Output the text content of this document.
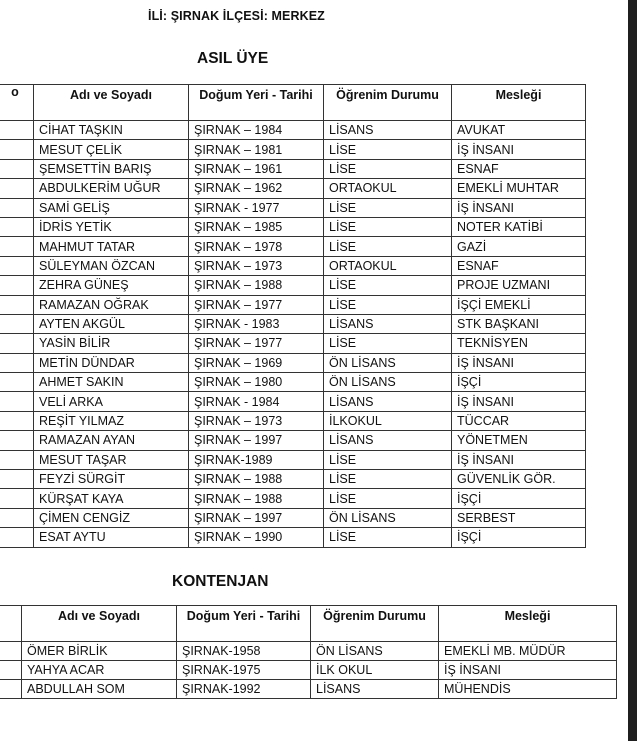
İLİ: ŞIRNAK İLÇESİ: MERKEZ
ASIL ÜYE
o	Adı ve Soyadı	Doğum Yeri - Tarihi	Öğrenim Durumu	Mesleği
	CİHAT TAŞKIN	ŞIRNAK – 1984	LİSANS	AVUKAT
	MESUT ÇELİK	ŞIRNAK – 1981	LİSE	İŞ İNSANI
	ŞEMSETTİN BARIŞ	ŞIRNAK – 1961	LİSE	ESNAF
	ABDULKERİM UĞUR	ŞIRNAK – 1962	ORTAOKUL	EMEKLİ MUHTAR
	SAMİ GELİŞ	ŞIRNAK - 1977	LİSE	İŞ İNSANI
	İDRİS YETİK	ŞIRNAK – 1985	LİSE	NOTER KATİBİ
	MAHMUT TATAR	ŞIRNAK – 1978	LİSE	GAZİ
	SÜLEYMAN ÖZCAN	ŞIRNAK – 1973	ORTAOKUL	ESNAF
	ZEHRA GÜNEŞ	ŞIRNAK – 1988	LİSE	PROJE UZMANI
	RAMAZAN OĞRAK	ŞIRNAK – 1977	LİSE	İŞÇİ EMEKLİ
	AYTEN AKGÜL	ŞIRNAK - 1983	LİSANS	STK BAŞKANI
	YASİN BİLİR	ŞIRNAK – 1977	LİSE	TEKNİSYEN
	METİN DÜNDAR	ŞIRNAK – 1969	ÖN LİSANS	İŞ İNSANI
	AHMET SAKIN	ŞIRNAK – 1980	ÖN LİSANS	İŞÇİ
	VELİ ARKA	ŞIRNAK - 1984	LİSANS	İŞ İNSANI
	REŞİT YILMAZ	ŞIRNAK – 1973	İLKOKUL	TÜCCAR
	RAMAZAN AYAN	ŞIRNAK – 1997	LİSANS	YÖNETMEN
	MESUT TAŞAR	ŞIRNAK-1989	LİSE	İŞ İNSANI
	FEYZİ SÜRGİT	ŞIRNAK – 1988	LİSE	GÜVENLİK GÖR.
	KÜRŞAT KAYA	ŞIRNAK – 1988	LİSE	İŞÇİ
	ÇİMEN CENGİZ	ŞIRNAK – 1997	ÖN LİSANS	SERBEST
	ESAT AYTU	ŞIRNAK – 1990	LİSE	İŞÇİ
KONTENJAN
	Adı ve Soyadı	Doğum Yeri - Tarihi	Öğrenim Durumu	Mesleği
	ÖMER BİRLİK	ŞIRNAK-1958	ÖN LİSANS	EMEKLİ MB. MÜDÜR
	YAHYA ACAR	ŞIRNAK-1975	İLK OKUL	İŞ İNSANI
	ABDULLAH SOM	ŞIRNAK-1992	LİSANS	MÜHENDİS
